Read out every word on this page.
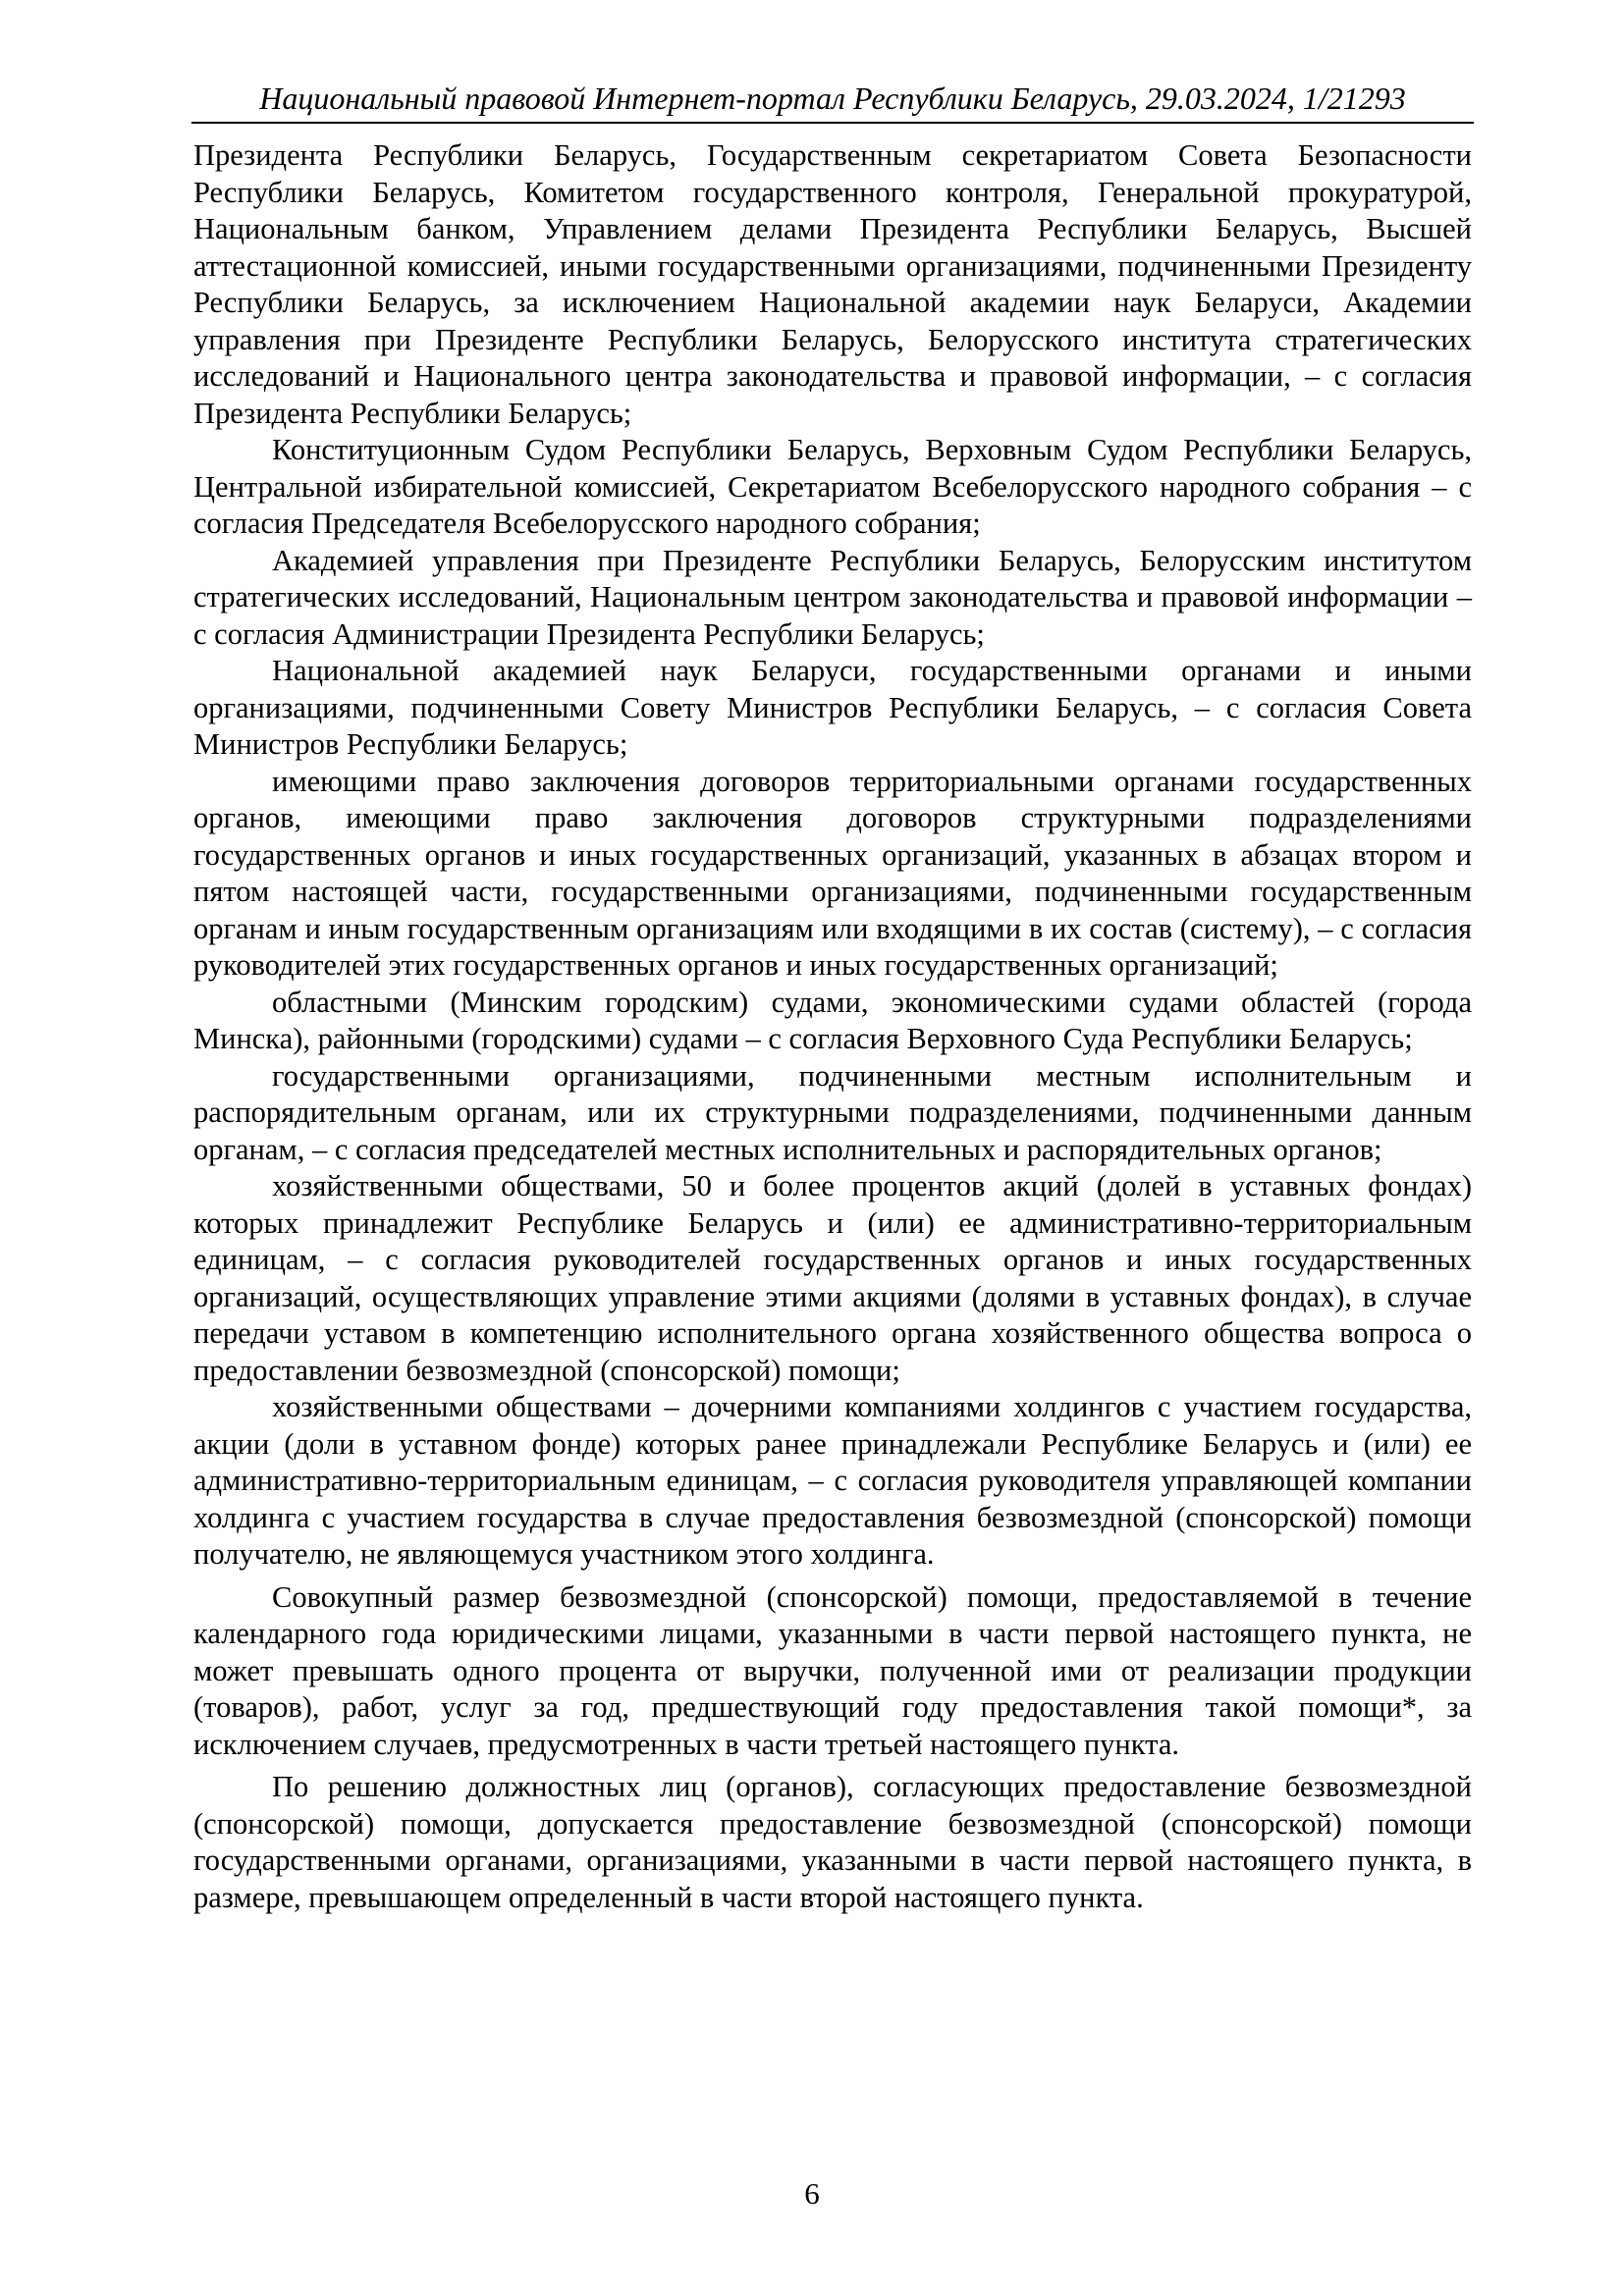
Национальный правовой Интернет-портал Республики Беларусь, 29.03.2024, 1/21293

Президента Республики Беларусь, Государственным секретариатом Совета Безопасности Республики Беларусь, Комитетом государственного контроля, Генеральной прокуратурой, Национальным банком, Управлением делами Президента Республики Беларусь, Высшей аттестационной комиссией, иными государственными организациями, подчиненными Президенту Республики Беларусь, за исключением Национальной академии наук Беларуси, Академии управления при Президенте Республики Беларусь, Белорусского института стратегических исследований и Национального центра законодательства и правовой информации, – с согласия Президента Республики Беларусь;

Конституционным Судом Республики Беларусь, Верховным Судом Республики Беларусь, Центральной избирательной комиссией, Секретариатом Всебелорусского народного собрания – с согласия Председателя Всебелорусского народного собрания;

Академией управления при Президенте Республики Беларусь, Белорусским институтом стратегических исследований, Национальным центром законодательства и правовой информации – с согласия Администрации Президента Республики Беларусь;

Национальной академией наук Беларуси, государственными органами и иными организациями, подчиненными Совету Министров Республики Беларусь, – с согласия Совета Министров Республики Беларусь;

имеющими право заключения договоров территориальными органами государственных органов, имеющими право заключения договоров структурными подразделениями государственных органов и иных государственных организаций, указанных в абзацах втором и пятом настоящей части, государственными организациями, подчиненными государственным органам и иным государственным организациям или входящими в их состав (систему), – с согласия руководителей этих государственных органов и иных государственных организаций;

областными (Минским городским) судами, экономическими судами областей (города Минска), районными (городскими) судами – с согласия Верховного Суда Республики Беларусь;

государственными организациями, подчиненными местным исполнительным и распорядительным органам, или их структурными подразделениями, подчиненными данным органам, – с согласия председателей местных исполнительных и распорядительных органов;

хозяйственными обществами, 50 и более процентов акций (долей в уставных фондах) которых принадлежит Республике Беларусь и (или) ее административно-территориальным единицам, – с согласия руководителей государственных органов и иных государственных организаций, осуществляющих управление этими акциями (долями в уставных фондах), в случае передачи уставом в компетенцию исполнительного органа хозяйственного общества вопроса о предоставлении безвозмездной (спонсорской) помощи;

хозяйственными обществами – дочерними компаниями холдингов с участием государства, акции (доли в уставном фонде) которых ранее принадлежали Республике Беларусь и (или) ее административно-территориальным единицам, – с согласия руководителя управляющей компании холдинга с участием государства в случае предоставления безвозмездной (спонсорской) помощи получателю, не являющемуся участником этого холдинга.

Совокупный размер безвозмездной (спонсорской) помощи, предоставляемой в течение календарного года юридическими лицами, указанными в части первой настоящего пункта, не может превышать одного процента от выручки, полученной ими от реализации продукции (товаров), работ, услуг за год, предшествующий году предоставления такой помощи*, за исключением случаев, предусмотренных в части третьей настоящего пункта.

По решению должностных лиц (органов), согласующих предоставление безвозмездной (спонсорской) помощи, допускается предоставление безвозмездной (спонсорской) помощи государственными органами, организациями, указанными в части первой настоящего пункта, в размере, превышающем определенный в части второй настоящего пункта.

6
